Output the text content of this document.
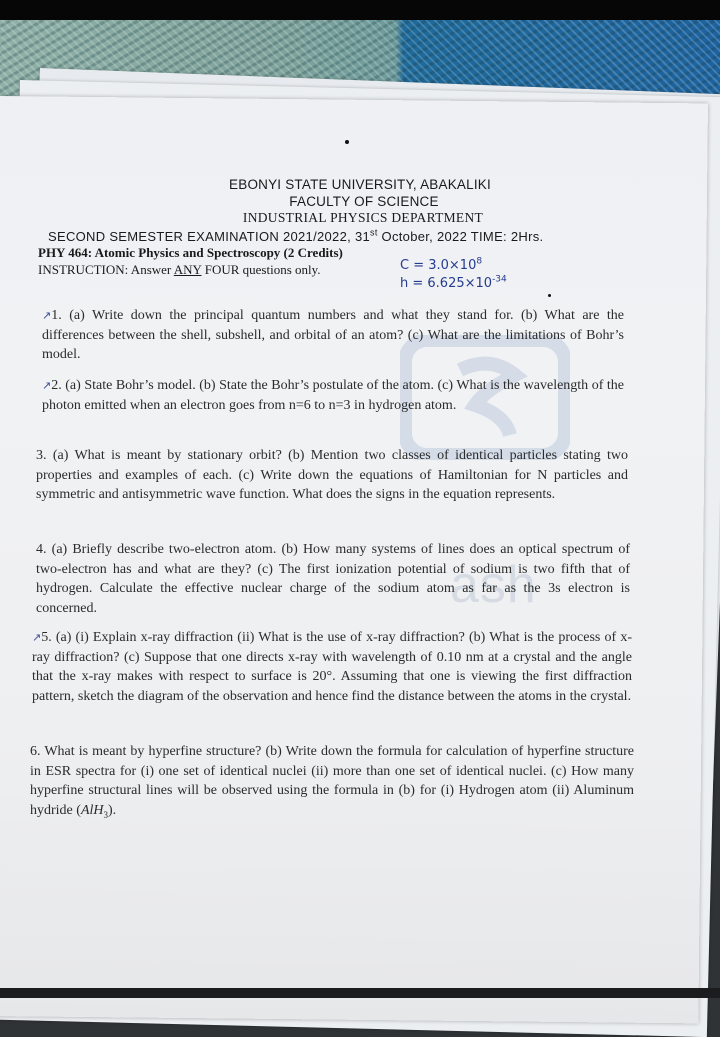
EBONYI STATE UNIVERSITY, ABAKALIKI
FACULTY OF SCIENCE
INDUSTRIAL PHYSICS DEPARTMENT
SECOND SEMESTER EXAMINATION 2021/2022, 31st October, 2022 TIME: 2Hrs.
PHY 464: Atomic Physics and Spectroscopy (2 Credits)
INSTRUCTION: Answer ANY FOUR questions only.	$C = 3.0\times 10^8$
$h = 6.625\times 10^{-34}$
ash
↗1. (a) Write down the principal quantum numbers and what they stand for. (b) What are the differences between the shell, subshell, and orbital of an atom? (c) What are the limitations of Bohr’s model.
↗2. (a) State Bohr’s model. (b) State the Bohr’s postulate of the atom. (c) What is the wavelength of the photon emitted when an electron goes from n=6 to n=3 in hydrogen atom.
3. (a) What is meant by stationary orbit? (b) Mention two classes of identical particles stating two properties and examples of each. (c) Write down the equations of Hamiltonian for N particles and symmetric and antisymmetric wave function. What does the signs in the equation represents.
4. (a) Briefly describe two-electron atom. (b) How many systems of lines does an optical spectrum of two-electron has and what are they? (c) The first ionization potential of sodium is two fifth that of hydrogen. Calculate the effective nuclear charge of the sodium atom as far as the 3s electron is concerned.
↗5. (a) (i) Explain x-ray diffraction (ii) What is the use of x-ray diffraction? (b) What is the process of x-ray diffraction? (c) Suppose that one directs x-ray with wavelength of 0.10 nm at a crystal and the angle that the x-ray makes with respect to surface is 20°. Assuming that one is viewing the first diffraction pattern, sketch the diagram of the observation and hence find the distance between the atoms in the crystal.
6. What is meant by hyperfine structure? (b) Write down the formula for calculation of hyperfine structure in ESR spectra for (i) one set of identical nuclei (ii) more than one set of identical nuclei. (c) How many hyperfine structural lines will be observed using the formula in (b) for (i) Hydrogen atom (ii) Aluminum hydride (AlH$_3$).
